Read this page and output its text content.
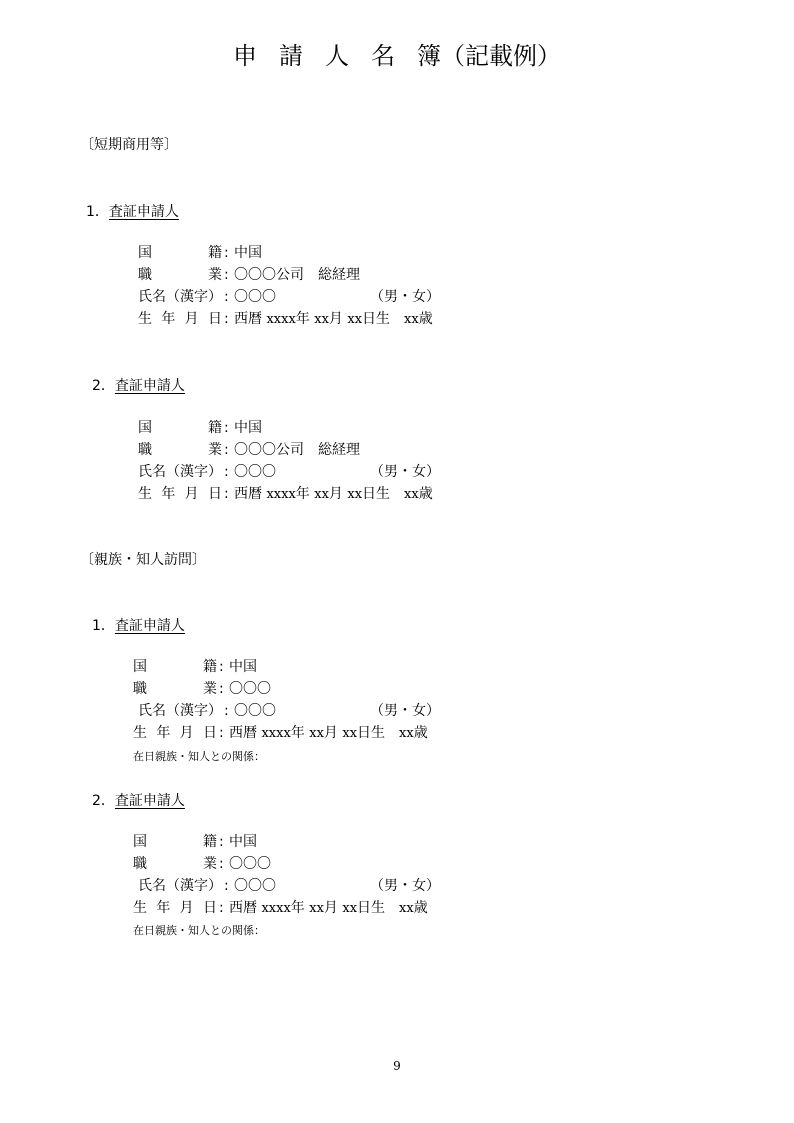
申 請 人 名 簿（記載例）
〔短期商用等〕
1．査証申請人
国	籍 : 中国
職	業 : 〇〇〇公司　総経理
氏名（漢字） : 〇〇〇	（男・女）
生 年 月 日 : 西暦 xxxx年 xx月 xx日生　 xx歳
2．査証申請人
国	籍 : 中国
職	業 : 〇〇〇公司　総経理
氏名（漢字） : 〇〇〇	（男・女）
生 年 月 日 : 西暦 xxxx年 xx月 xx日生　 xx歳
〔親族・知人訪問〕
1．査証申請人
国	籍 : 中国
職	業 : 〇〇〇
氏名（漢字） : 〇〇〇	（男・女）
生 年 月 日 : 西暦 xxxx年 xx月 xx日生　 xx歳
在日親族・知人との関係：
2．査証申請人
国	籍 : 中国
職	業 : 〇〇〇
氏名（漢字） : 〇〇〇	（男・女）
生 年 月 日 : 西暦 xxxx年 xx月 xx日生　 xx歳
在日親族・知人との関係：
9
